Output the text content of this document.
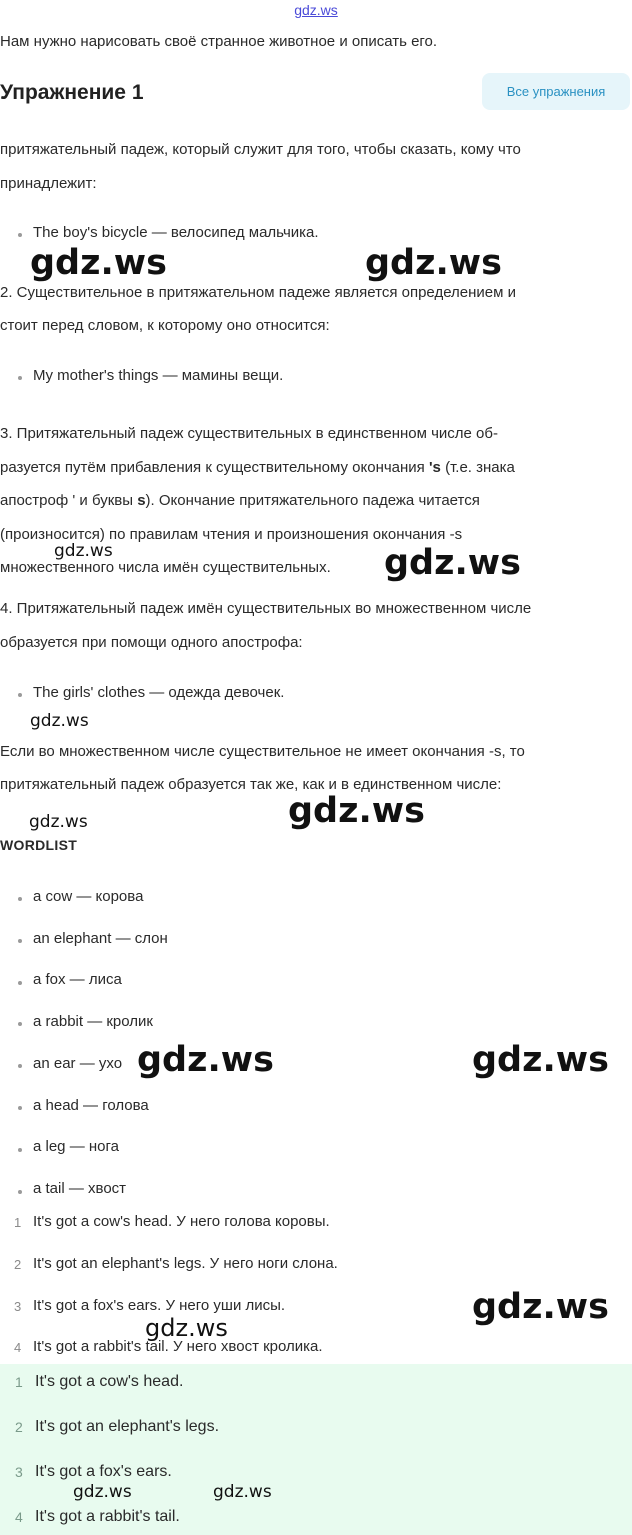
gdz.ws
Нам нужно нарисовать своё странное животное и описать его.
Упражнение 1	Все упражнения
притяжательный падеж, который служит для того, чтобы сказать, кому что
принадлежит:
The boy's bicycle — велосипед мальчика.
2. Существительное в притяжательном падеже является определением и
стоит перед словом, к которому оно относится:
My mother's things — мамины вещи.
3. Притяжательный падеж существительных в единственном числе об-
разуется путём прибавления к существительному окончания 's (т.е. знака
апостроф ' и буквы s). Окончание притяжательного падежа читается
(произносится) по правилам чтения и произношения окончания -s
множественного числа имён существительных.
4. Притяжательный падеж имён существительных во множественном числе
образуется при помощи одного апострофа:
The girls' clothes — одежда девочек.
Если во множественном числе существительное не имеет окончания -s, то
притяжательный падеж образуется так же, как и в единственном числе:
WORDLIST
a cow — корова
an elephant — слон
a fox — лиса
a rabbit — кролик
an ear — ухо
a head — голова
a leg — нога
a tail — хвост
1 It's got a cow's head. У него голова коровы.
2 It's got an elephant's legs. У него ноги слона.
3 It's got a fox's ears. У него уши лисы.
4 It's got a rabbit's tail. У него хвост кролика.
1 It's got a cow's head.
2 It's got an elephant's legs.
3 It's got a fox's ears.
4 It's got a rabbit's tail.
gdz.ws	gdz.ws
gdz.ws	gdz.ws
gdz.ws
gdz.ws	gdz.ws
gdz.ws	gdz.ws
gdz.ws
gdz.ws
gdz.ws	gdz.ws
